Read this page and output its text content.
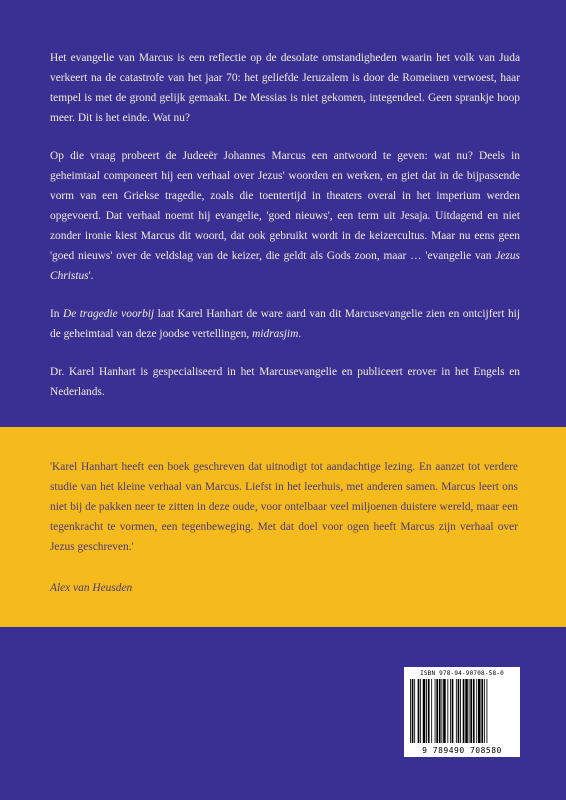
Het evangelie van Marcus is een reflectie op de desolate omstandigheden waarin het volk van Juda verkeert na de catastrofe van het jaar 70: het geliefde Jeruzalem is door de Romeinen verwoest, haar tempel is met de grond gelijk gemaakt. De Messias is niet gekomen, integendeel. Geen sprankje hoop meer. Dit is het einde. Wat nu?

Op die vraag probeert de Judeeër Johannes Marcus een antwoord te geven: wat nu? Deels in geheimtaal componeert hij een verhaal over Jezus' woorden en werken, en giet dat in de bijpassende vorm van een Griekse tragedie, zoals die toentertijd in theaters overal in het imperium werden opgevoerd. Dat verhaal noemt hij evangelie, 'goed nieuws', een term uit Jesaja. Uitdagend en niet zonder ironie kiest Marcus dit woord, dat ook gebruikt wordt in de keizercultus. Maar nu eens geen 'goed nieuws' over de veldslag van de keizer, die geldt als Gods zoon, maar … 'evangelie van Jezus Christus'.

In De tragedie voorbij laat Karel Hanhart de ware aard van dit Marcusevangelie zien en ontcijfert hij de geheimtaal van deze joodse vertellingen, midrasjim.

Dr. Karel Hanhart is gespecialiseerd in het Marcusevangelie en publiceert erover in het Engels en Nederlands.

'Karel Hanhart heeft een boek geschreven dat uitnodigt tot aandachtige lezing. En aanzet tot verdere studie van het kleine verhaal van Marcus. Liefst in het leerhuis, met anderen samen. Marcus leert ons niet bij de pakken neer te zitten in deze oude, voor ontelbaar veel miljoenen duistere wereld, maar een tegenkracht te vormen, een tegenbeweging. Met dat doel voor ogen heeft Marcus zijn verhaal over Jezus geschreven.'

Alex van Heusden
ISBN 978-94-90708-58-0
9 789490 708580
